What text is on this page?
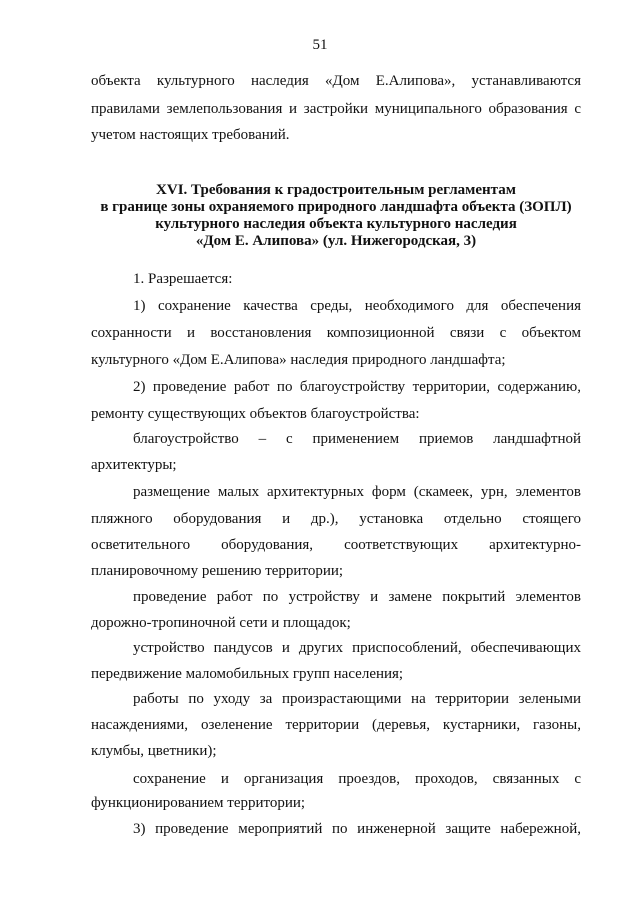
51
объекта культурного наследия «Дом Е.Алипова», устанавливаются
правилами землепользования и застройки муниципального образования с
учетом настоящих требований.
XVI. Требования к градостроительным регламентам
в границе зоны охраняемого природного ландшафта объекта (ЗОПЛ)
культурного наследия объекта культурного наследия
«Дом Е. Алипова» (ул. Нижегородская, 3)
1. Разрешается:
1) сохранение качества среды, необходимого для обеспечения
сохранности и восстановления композиционной связи с объектом
культурного «Дом Е.Алипова» наследия природного ландшафта;
2) проведение работ по благоустройству территории, содержанию,
ремонту существующих объектов благоустройства:
благоустройство – с применением приемов ландшафтной
архитектуры;
размещение малых архитектурных форм (скамеек, урн, элементов
пляжного оборудования и др.), установка отдельно стоящего
осветительного оборудования, соответствующих архитектурно-
планировочному решению территории;
проведение работ по устройству и замене покрытий элементов
дорожно-тропиночной сети и площадок;
устройство пандусов и других приспособлений, обеспечивающих
передвижение маломобильных групп населения;
работы по уходу за произрастающими на территории зелеными
насаждениями, озеленение территории (деревья, кустарники, газоны,
клумбы, цветники);
сохранение и организация проездов, проходов, связанных с
функционированием территории;
3) проведение мероприятий по инженерной защите набережной,
